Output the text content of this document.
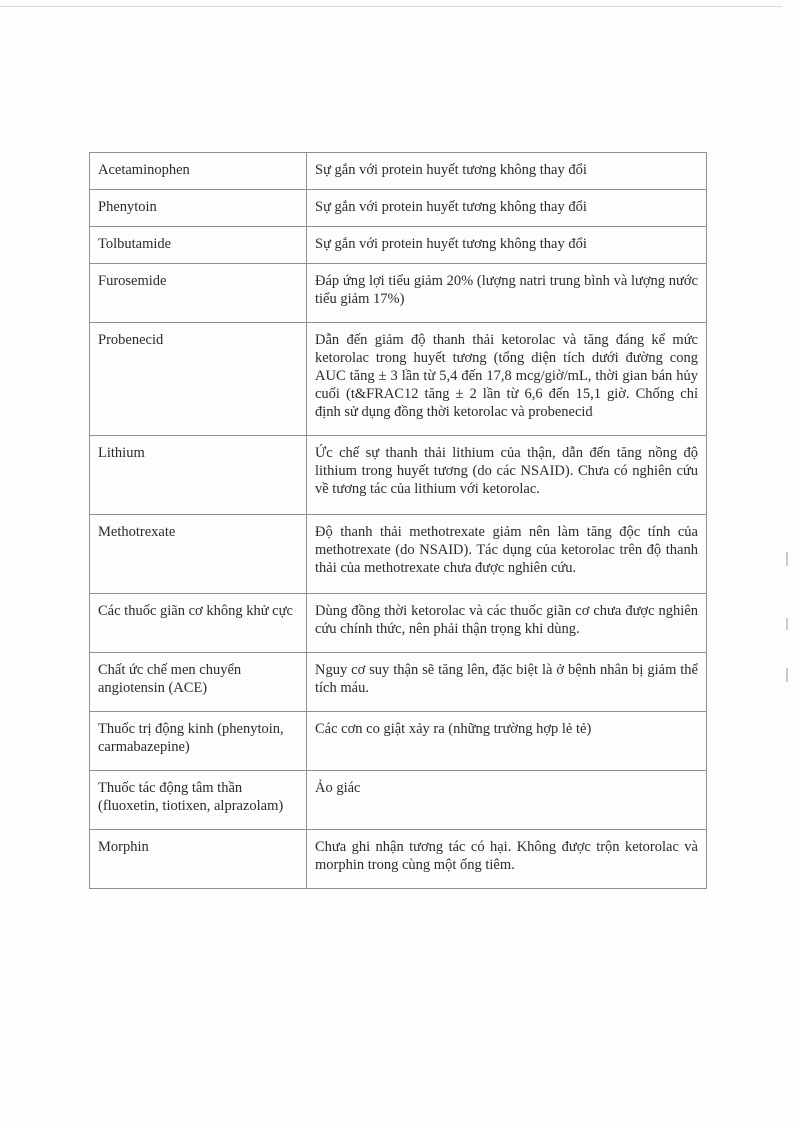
Acetaminophen	Sự gắn với protein huyết tương không thay đổi
Phenytoin	Sự gắn với protein huyết tương không thay đổi
Tolbutamide	Sự gắn với protein huyết tương không thay đổi
Furosemide	Đáp ứng lợi tiểu giảm 20% (lượng natri trung bình và lượng nước tiểu giảm 17%)
Probenecid	Dẫn đến giảm độ thanh thải ketorolac và tăng đáng kể mức ketorolac trong huyết tương (tổng diện tích dưới đường cong AUC tăng ± 3 lần từ 5,4 đến 17,8 mcg/giờ/mL, thời gian bán hủy cuối (t&FRAC12 tăng ± 2 lần từ 6,6 đến 15,1 giờ. Chống chỉ định sử dụng đồng thời ketorolac và probenecid
Lithium	Ức chế sự thanh thải lithium của thận, dẫn đến tăng nồng độ lithium trong huyết tương (do các NSAID). Chưa có nghiên cứu về tương tác của lithium với ketorolac.
Methotrexate	Độ thanh thải methotrexate giảm nên làm tăng độc tính của methotrexate (do NSAID). Tác dụng của ketorolac trên độ thanh thải của methotrexate chưa được nghiên cứu.
Các thuốc giãn cơ không khử cực	Dùng đồng thời ketorolac và các thuốc giãn cơ chưa được nghiên cứu chính thức, nên phải thận trọng khi dùng.
Chất ức chế men chuyển angiotensin (ACE)	Nguy cơ suy thận sẽ tăng lên, đặc biệt là ở bệnh nhân bị giảm thể tích máu.
Thuốc trị động kinh (phenytoin, carmabazepine)	Các cơn co giật xảy ra (những trường hợp lẻ tẻ)
Thuốc tác động tâm thần (fluoxetin, tiotixen, alprazolam)	Ảo giác
Morphin	Chưa ghi nhận tương tác có hại. Không được trộn ketorolac và morphin trong cùng một ống tiêm.
